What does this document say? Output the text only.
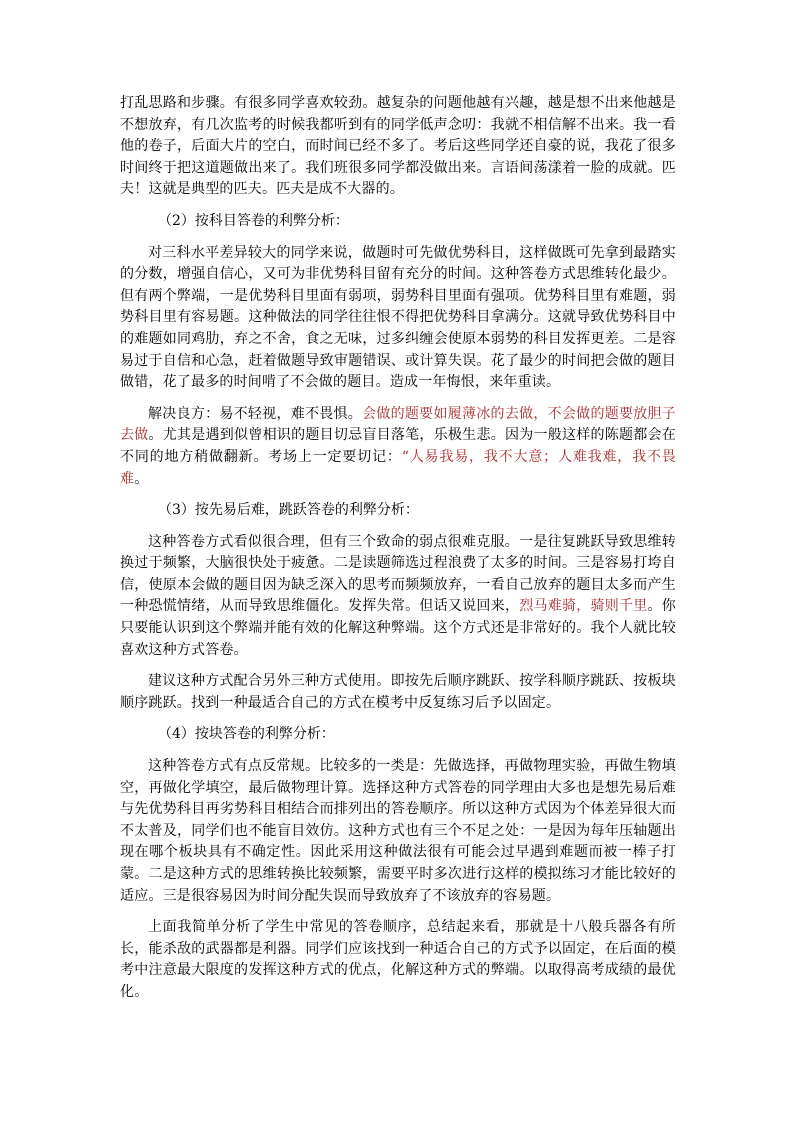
打乱思路和步骤。有很多同学喜欢较劲。越复杂的问题他越有兴趣，越是想不出来他越是不想放弃，有几次监考的时候我都听到有的同学低声念叨：我就不相信解不出来。我一看他的卷子，后面大片的空白，而时间已经不多了。考后这些同学还自豪的说，我花了很多时间终于把这道题做出来了。我们班很多同学都没做出来。言语间荡漾着一脸的成就。匹夫！这就是典型的匹夫。匹夫是成不大器的。

（2）按科目答卷的利弊分析：

对三科水平差异较大的同学来说，做题时可先做优势科目，这样做既可先拿到最踏实的分数，增强自信心，又可为非优势科目留有充分的时间。这种答卷方式思维转化最少。但有两个弊端，一是优势科目里面有弱项，弱势科目里面有强项。优势科目里有难题，弱势科目里有容易题。这种做法的同学往往恨不得把优势科目拿满分。这就导致优势科目中的难题如同鸡肋，弃之不舍，食之无味，过多纠缠会使原本弱势的科目发挥更差。二是容易过于自信和心急，赶着做题导致审题错误、或计算失误。花了最少的时间把会做的题目做错，花了最多的时间啃了不会做的题目。造成一年悔恨，来年重读。

解决良方：易不轻视，难不畏惧。会做的题要如履薄冰的去做，不会做的题要放胆子去做。尤其是遇到似曾相识的题目切忌盲目落笔，乐极生悲。因为一般这样的陈题都会在不同的地方稍做翻新。考场上一定要切记：“人易我易，我不大意；人难我难，我不畏难。

（3）按先易后难，跳跃答卷的利弊分析：

这种答卷方式看似很合理，但有三个致命的弱点很难克服。一是往复跳跃导致思维转换过于频繁，大脑很快处于疲惫。二是读题筛选过程浪费了太多的时间。三是容易打垮自信，使原本会做的题目因为缺乏深入的思考而频频放弃，一看自己放弃的题目太多而产生一种恐慌情绪，从而导致思维僵化。发挥失常。但话又说回来，烈马难骑，骑则千里。你只要能认识到这个弊端并能有效的化解这种弊端。这个方式还是非常好的。我个人就比较喜欢这种方式答卷。

建议这种方式配合另外三种方式使用。即按先后顺序跳跃、按学科顺序跳跃、按板块顺序跳跃。找到一种最适合自己的方式在模考中反复练习后予以固定。

（4）按块答卷的利弊分析：

这种答卷方式有点反常规。比较多的一类是：先做选择，再做物理实验，再做生物填空，再做化学填空，最后做物理计算。选择这种方式答卷的同学理由大多也是想先易后难与先优势科目再劣势科目相结合而排列出的答卷顺序。所以这种方式因为个体差异很大而不太普及，同学们也不能盲目效仿。这种方式也有三个不足之处：一是因为每年压轴题出现在哪个板块具有不确定性。因此采用这种做法很有可能会过早遇到难题而被一棒子打蒙。二是这种方式的思维转换比较频繁，需要平时多次进行这样的模拟练习才能比较好的适应。三是很容易因为时间分配失误而导致放弃了不该放弃的容易题。

上面我简单分析了学生中常见的答卷顺序，总结起来看，那就是十八般兵器各有所长，能杀敌的武器都是利器。同学们应该找到一种适合自己的方式予以固定，在后面的模考中注意最大限度的发挥这种方式的优点，化解这种方式的弊端。以取得高考成绩的最优化。
